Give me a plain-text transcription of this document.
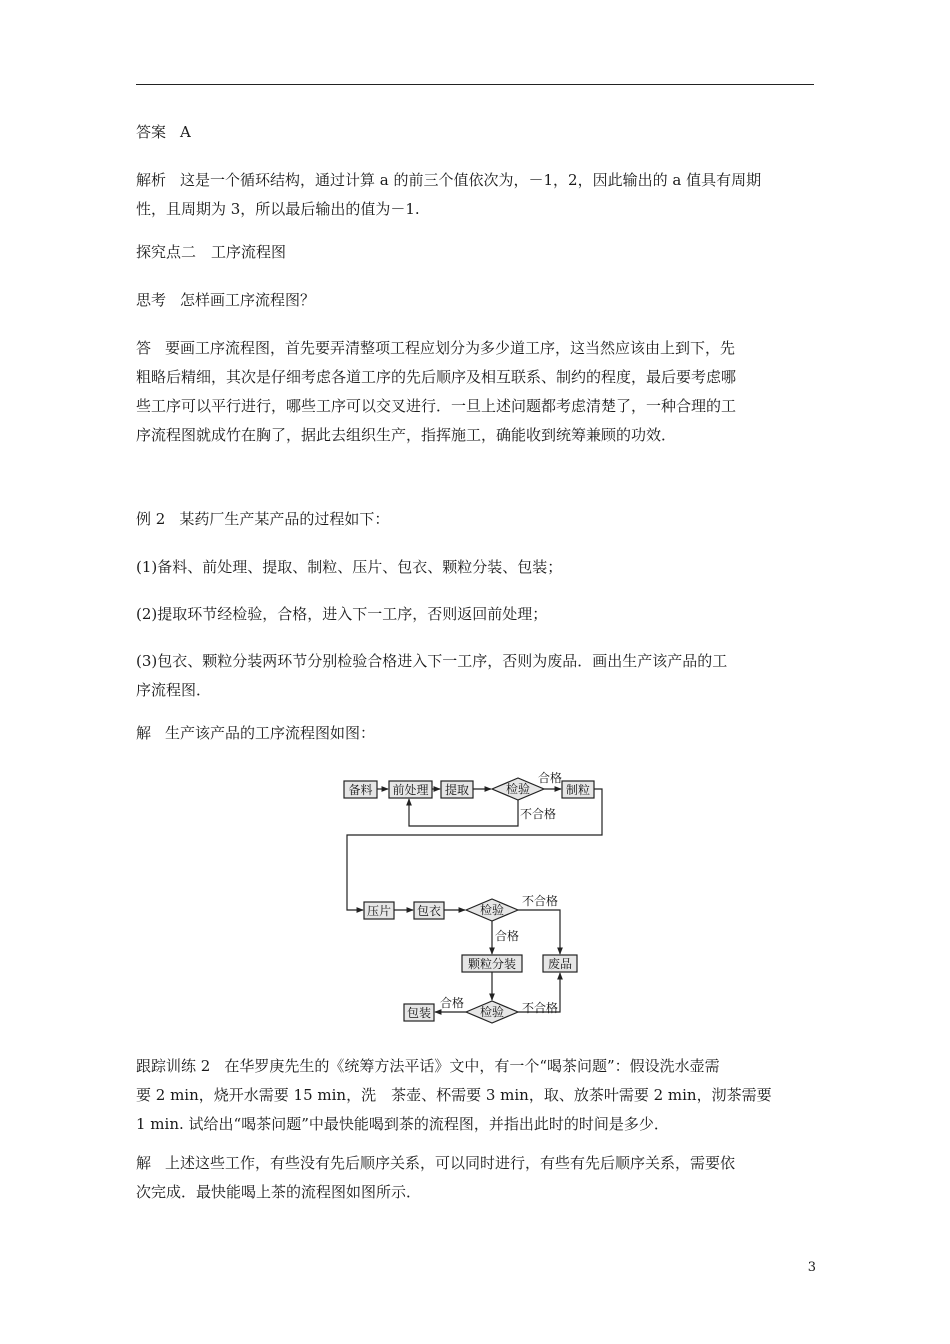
答案 A

解析 这是一个循环结构，通过计算 a 的前三个值依次为，－1，2，因此输出的 a 值具有周期
性，且周期为 3，所以最后输出的值为－1.

探究点二　工序流程图

思考 怎样画工序流程图？

答 要画工序流程图，首先要弄清整项工程应划分为多少道工序，这当然应该由上到下，先
粗略后精细，其次是仔细考虑各道工序的先后顺序及相互联系、制约的程度，最后要考虑哪
些工序可以平行进行，哪些工序可以交叉进行．一旦上述问题都考虑清楚了，一种合理的工
序流程图就成竹在胸了，据此去组织生产，指挥施工，确能收到统筹兼顾的功效．

例 2 某药厂生产某产品的过程如下：

(1)备料、前处理、提取、制粒、压片、包衣、颗粒分装、包装；

(2)提取环节经检验，合格，进入下一工序，否则返回前处理；

(3)包衣、颗粒分装两环节分别检验合格进入下一工序，否则为废品．画出生产该产品的工
序流程图．

解 生产该产品的工序流程图如图：

备料 前处理 提取	检验
合格
制粒
不合格
压片 包衣	检验
不合格
合格
颗粒分装	废品
检验 不合格
合格
包装

跟踪训练 2 在华罗庚先生的《统筹方法平话》文中，有一个“喝茶问题”：假设洗水壶需
要 2 min，烧开水需要 15 min，洗　茶壶、杯需要 3 min，取、放茶叶需要 2 min，沏茶需要
1 min. 试给出“喝茶问题”中最快能喝到茶的流程图，并指出此时的时间是多少．

解 上述这些工作，有些没有先后顺序关系，可以同时进行，有些有先后顺序关系，需要依
次完成．最快能喝上茶的流程图如图所示．

3
